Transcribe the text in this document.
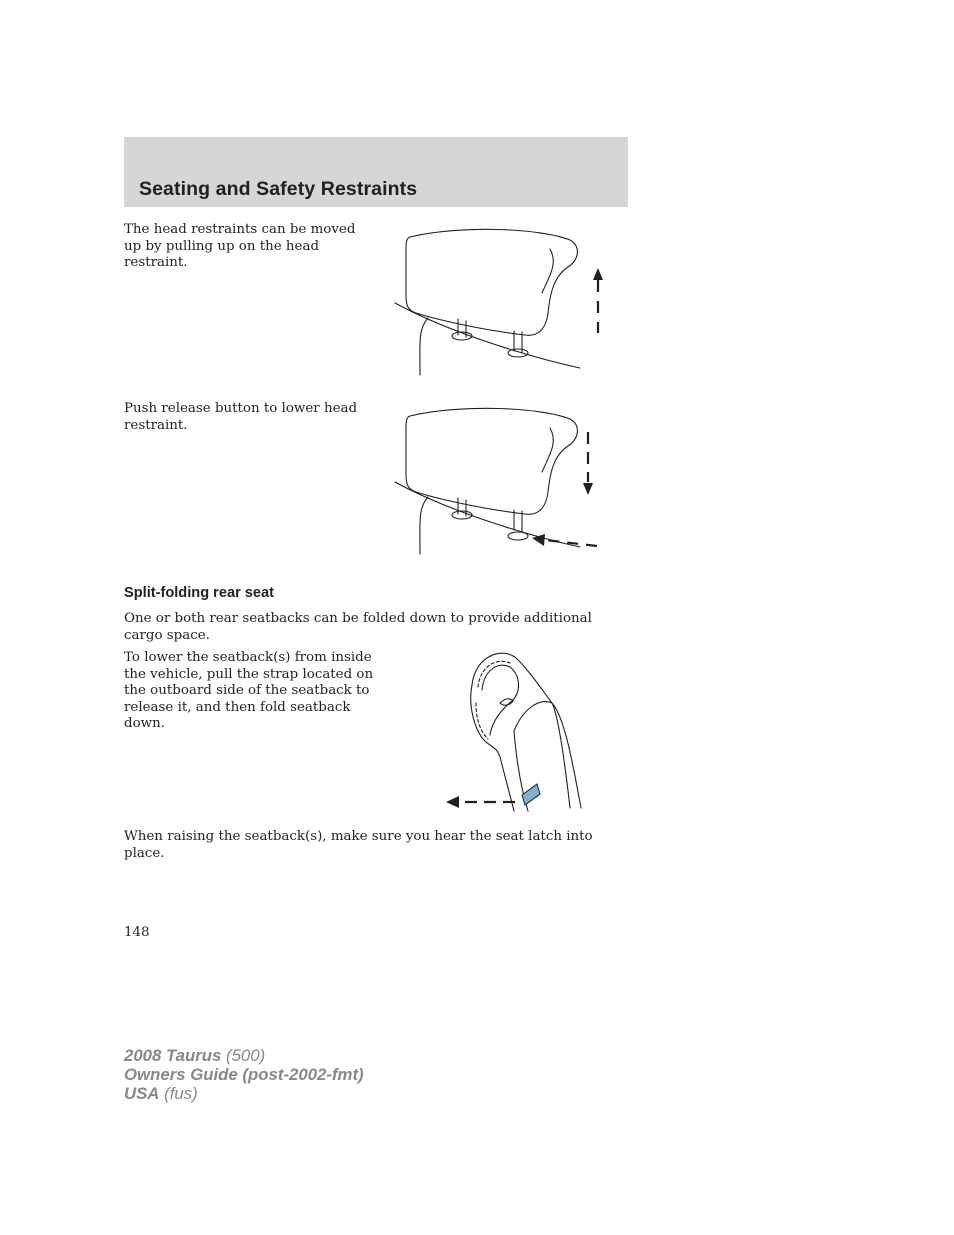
Seating and Safety Restraints

The head restraints can be moved up by pulling up on the head restraint.

Push release button to lower head restraint.

Split-folding rear seat

One or both rear seatbacks can be folded down to provide additional cargo space.

To lower the seatback(s) from inside the vehicle, pull the strap located on the outboard side of the seatback to release it, and then fold seatback down.

When raising the seatback(s), make sure you hear the seat latch into place.

148

2008 Taurus (500)
Owners Guide (post-2002-fmt)
USA (fus)
